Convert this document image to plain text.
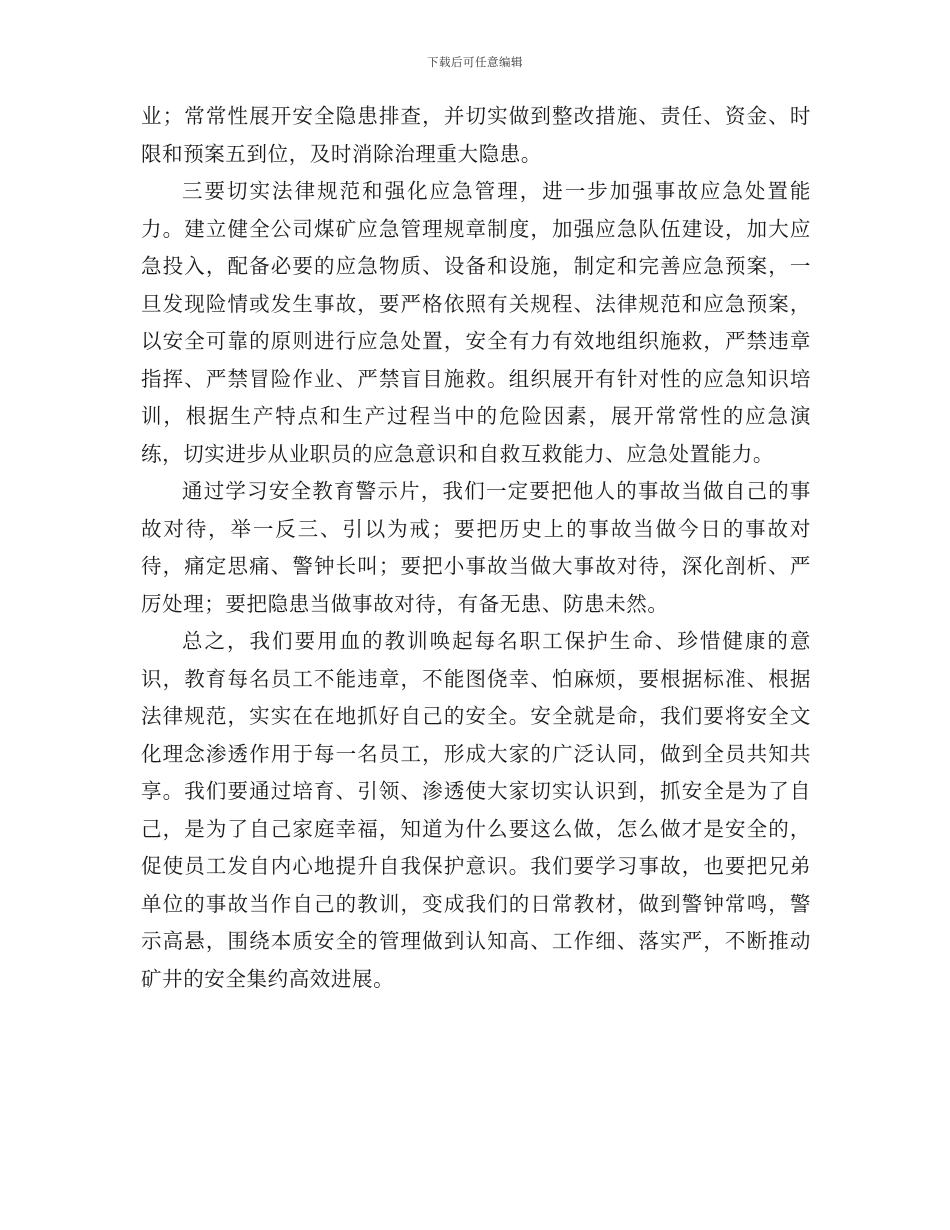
下载后可任意编辑

业；常常性展开安全隐患排查，并切实做到整改措施、责任、资金、时限和预案五到位，及时消除治理重大隐患。

三要切实法律规范和强化应急管理，进一步加强事故应急处置能力。建立健全公司煤矿应急管理规章制度，加强应急队伍建设，加大应急投入，配备必要的应急物质、设备和设施，制定和完善应急预案，一旦发现险情或发生事故，要严格依照有关规程、法律规范和应急预案，以安全可靠的原则进行应急处置，安全有力有效地组织施救，严禁违章指挥、严禁冒险作业、严禁盲目施救。组织展开有针对性的应急知识培训，根据生产特点和生产过程当中的危险因素，展开常常性的应急演练，切实进步从业职员的应急意识和自救互救能力、应急处置能力。

通过学习安全教育警示片，我们一定要把他人的事故当做自己的事故对待，举一反三、引以为戒；要把历史上的事故当做今日的事故对待，痛定思痛、警钟长叫；要把小事故当做大事故对待，深化剖析、严厉处理；要把隐患当做事故对待，有备无患、防患未然。

总之，我们要用血的教训唤起每名职工保护生命、珍惜健康的意识，教育每名员工不能违章，不能图侥幸、怕麻烦，要根据标准、根据法律规范，实实在在地抓好自己的安全。安全就是命，我们要将安全文化理念渗透作用于每一名员工，形成大家的广泛认同，做到全员共知共享。我们要通过培育、引领、渗透使大家切实认识到，抓安全是为了自己，是为了自己家庭幸福，知道为什么要这么做，怎么做才是安全的，促使员工发自内心地提升自我保护意识。我们要学习事故，也要把兄弟单位的事故当作自己的教训，变成我们的日常教材，做到警钟常鸣，警示高悬，围绕本质安全的管理做到认知高、工作细、落实严，不断推动矿井的安全集约高效进展。
